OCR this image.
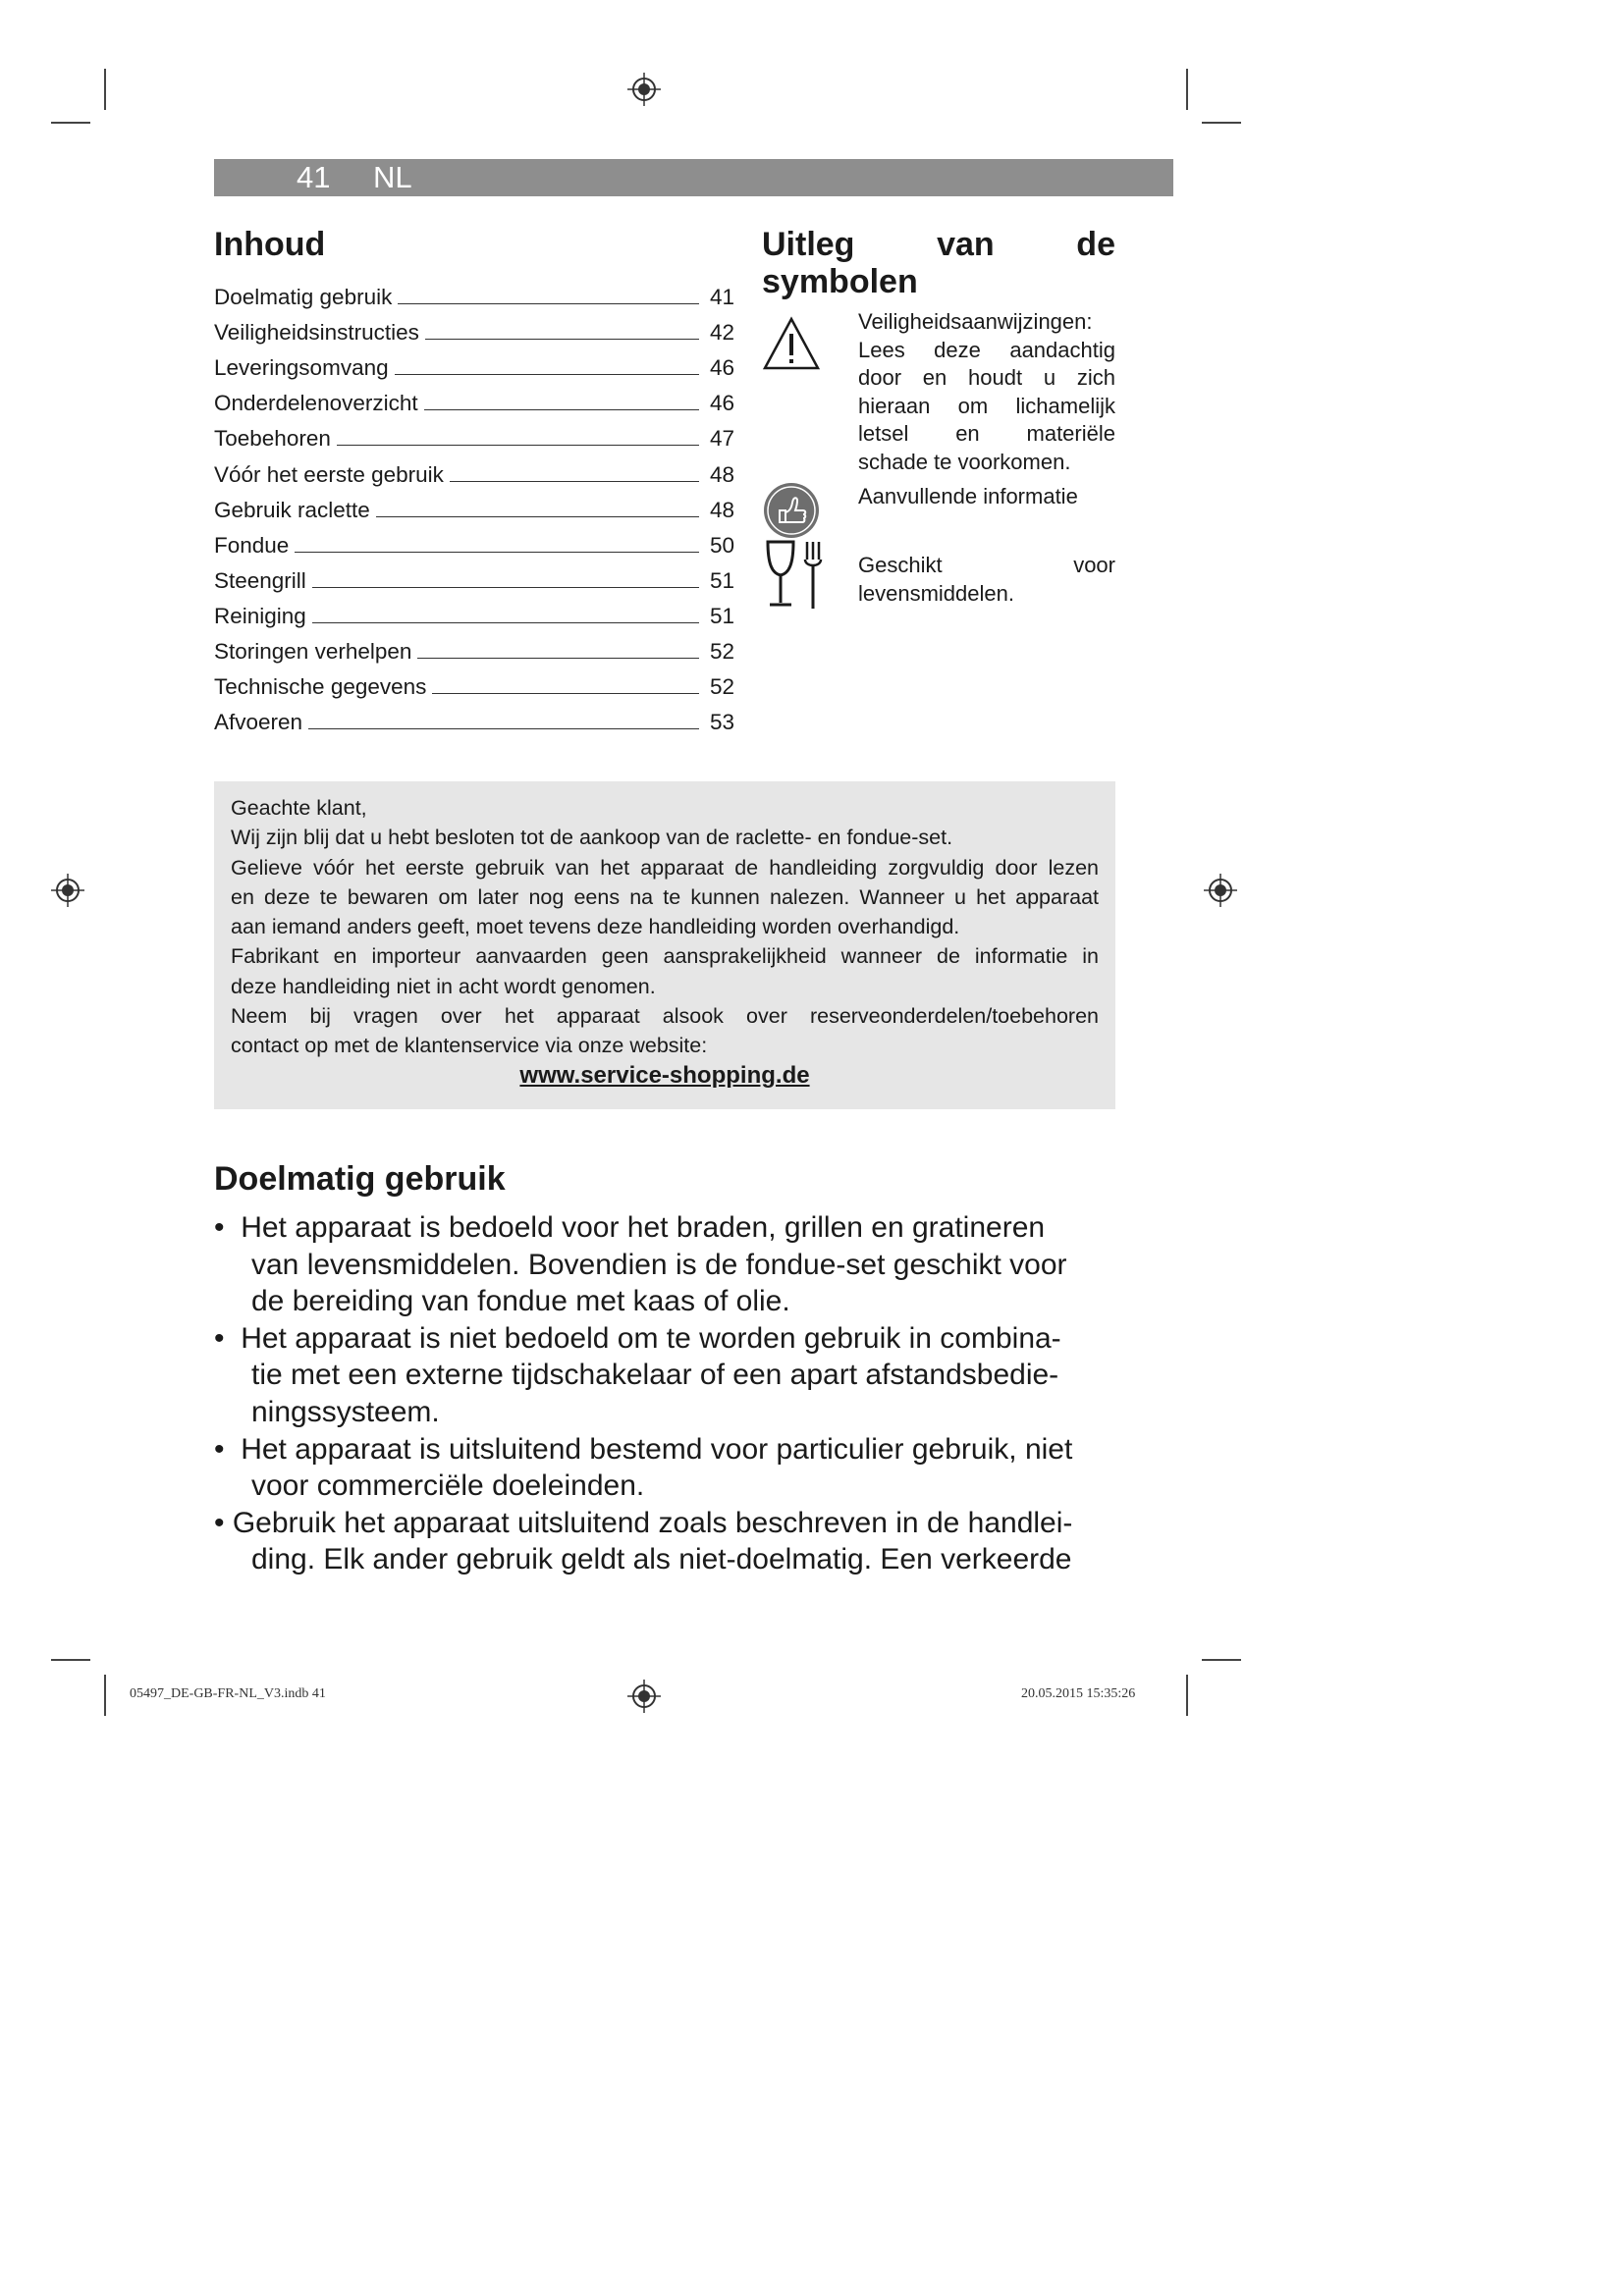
41 NL
Inhoud
Doelmatig gebruik	41
Veiligheidsinstructies	42
Leveringsomvang	46
Onderdelenoverzicht	46
Toebehoren	47
Vóór het eerste gebruik	48
Gebruik raclette	48
Fondue	50
Steengrill	51
Reiniging	51
Storingen verhelpen	52
Technische gegevens	52
Afvoeren	53
Uitleg van de
symbolen
Veiligheidsaanwijzingen:
Lees deze aandachtig
door en houdt u zich
hieraan om lichamelijk
letsel en materiële
schade te voorkomen.
Aanvullende informatie
Geschikt voor
levensmiddelen.
Geachte klant,
Wij zijn blij dat u hebt besloten tot de aankoop van de raclette- en fondue-set.
Gelieve vóór het eerste gebruik van het apparaat de handleiding zorgvuldig door lezen
en deze te bewaren om later nog eens na te kunnen nalezen. Wanneer u het apparaat
aan iemand anders geeft, moet tevens deze handleiding worden overhandigd.
Fabrikant en importeur aanvaarden geen aansprakelijkheid wanneer de informatie in
deze handleiding niet in acht wordt genomen.
Neem bij vragen over het apparaat alsook over reserveonderdelen/toebehoren
contact op met de klantenservice via onze website:
www.service-shopping.de
Doelmatig gebruik
•  Het apparaat is bedoeld voor het braden, grillen en gratineren
van levensmiddelen. Bovendien is de fondue-set geschikt voor
de bereiding van fondue met kaas of olie.
•  Het apparaat is niet bedoeld om te worden gebruik in combina-
tie met een externe tijdschakelaar of een apart afstandsbedie-
ningssysteem.
•  Het apparaat is uitsluitend bestemd voor particulier gebruik, niet
voor commerciële doeleinden.
• Gebruik het apparaat uitsluitend zoals beschreven in de handlei-
ding. Elk ander gebruik geldt als niet-doelmatig. Een verkeerde
05497_DE-GB-FR-NL_V3.indb 41	20.05.2015 15:35:26
